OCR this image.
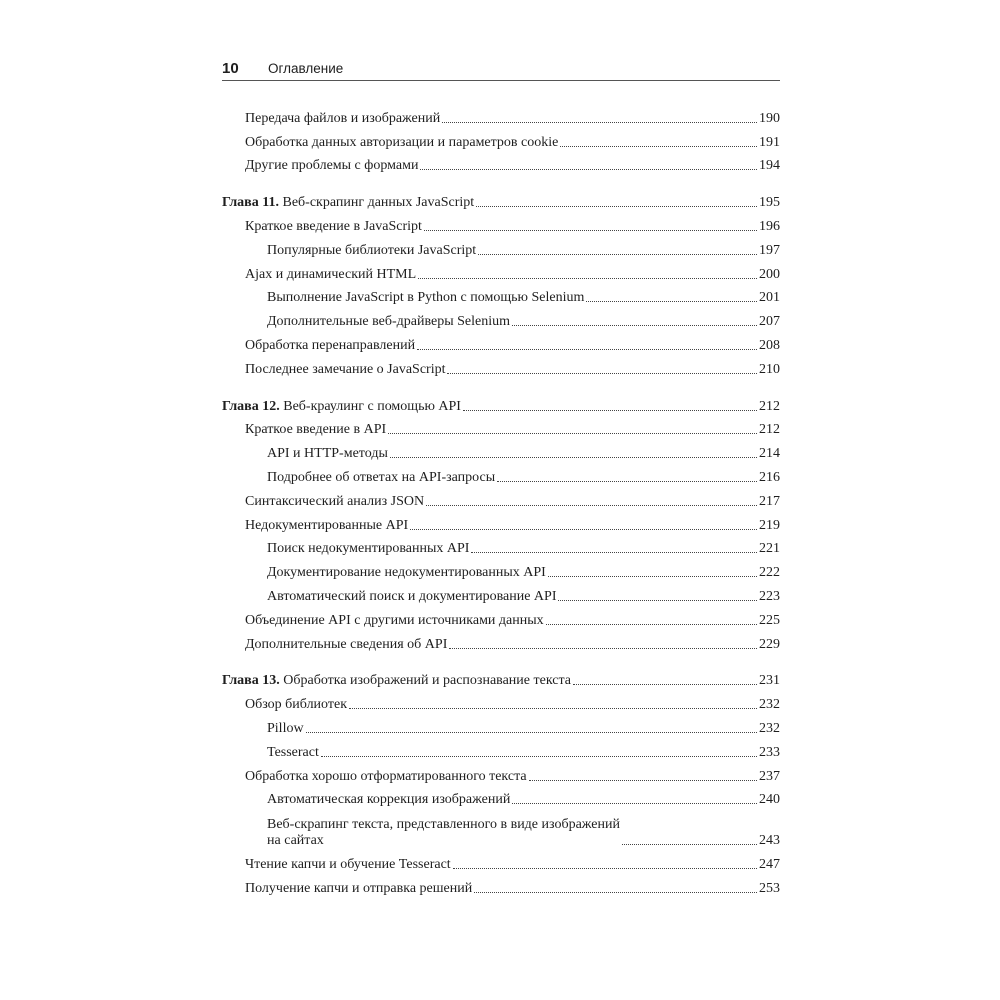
10 Оглавление
Передача файлов и изображений	190
Обработка данных авторизации и параметров cookie	191
Другие проблемы с формами	194
Глава 11. Веб-скрапинг данных JavaScript	195
Краткое введение в JavaScript	196
Популярные библиотеки JavaScript	197
Ajax и динамический HTML	200
Выполнение JavaScript в Python с помощью Selenium	201
Дополнительные веб-драйверы Selenium	207
Обработка перенаправлений	208
Последнее замечание о JavaScript	210
Глава 12. Веб-краулинг с помощью API	212
Краткое введение в API	212
API и HTTP-методы	214
Подробнее об ответах на API-запросы	216
Синтаксический анализ JSON	217
Недокументированные API	219
Поиск недокументированных API	221
Документирование недокументированных API	222
Автоматический поиск и документирование API	223
Объединение API с другими источниками данных	225
Дополнительные сведения об API	229
Глава 13. Обработка изображений и распознавание текста	231
Обзор библиотек	232
Pillow	232
Tesseract	233
Обработка хорошо отформатированного текста	237
Автоматическая коррекция изображений	240
Веб-скрапинг текста, представленного в виде изображений
на сайтах	243
Чтение капчи и обучение Tesseract	247
Получение капчи и отправка решений	253
